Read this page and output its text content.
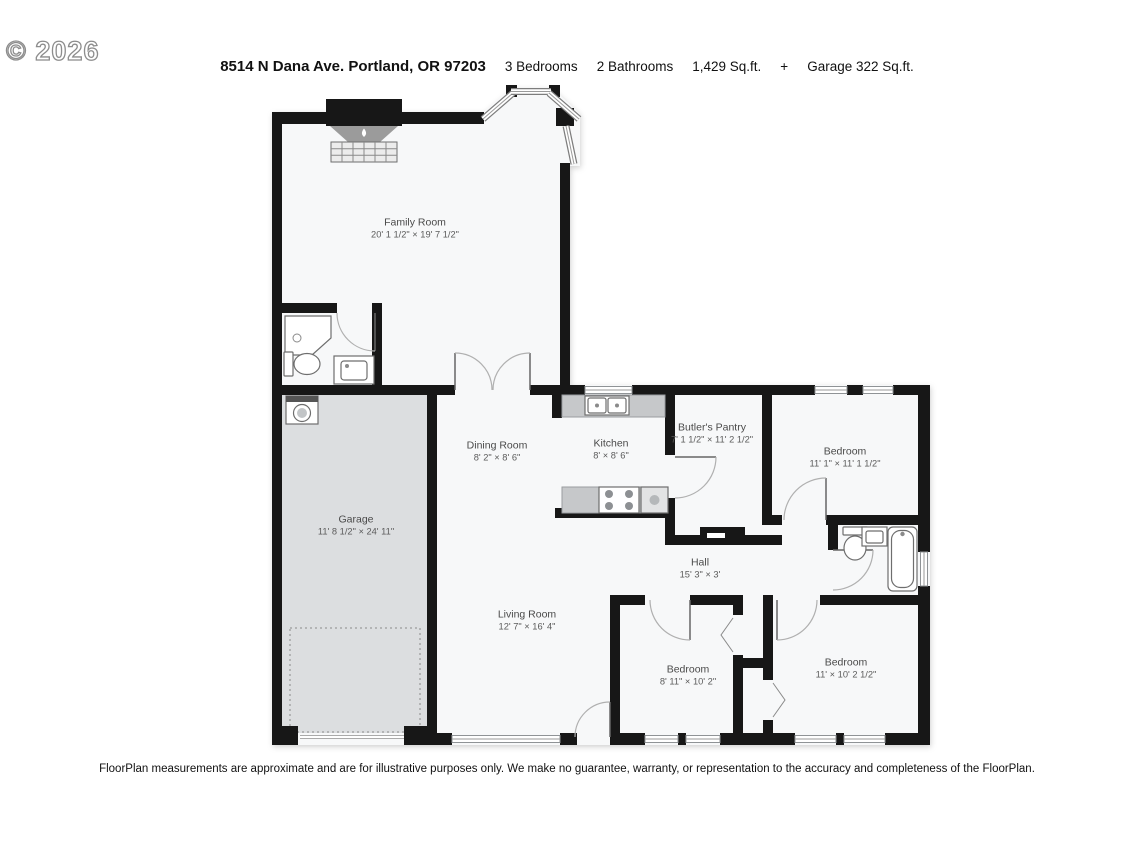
© 2026
8514 N Dana Ave. Portland, OR 97203 3 Bedrooms 2 Bathrooms 1,429 Sq.ft. + Garage 322 Sq.ft.
Family Room
20' 1 1/2" × 19' 7 1/2"
Dining Room
8' 2" × 8' 6"
Kitchen
8' × 8' 6"
Butler's Pantry
7' 1 1/2" × 11' 2 1/2"
Bedroom
11' 1" × 11' 1 1/2"
Garage
11' 8 1/2" × 24' 11"
Hall
15' 3" × 3'
Living Room
12' 7" × 16' 4"
Bedroom
8' 11" × 10' 2"
Bedroom
11' × 10' 2 1/2"
FloorPlan measurements are approximate and are for illustrative purposes only. We make no guarantee, warranty, or representation to the accuracy and completeness of the FloorPlan.
